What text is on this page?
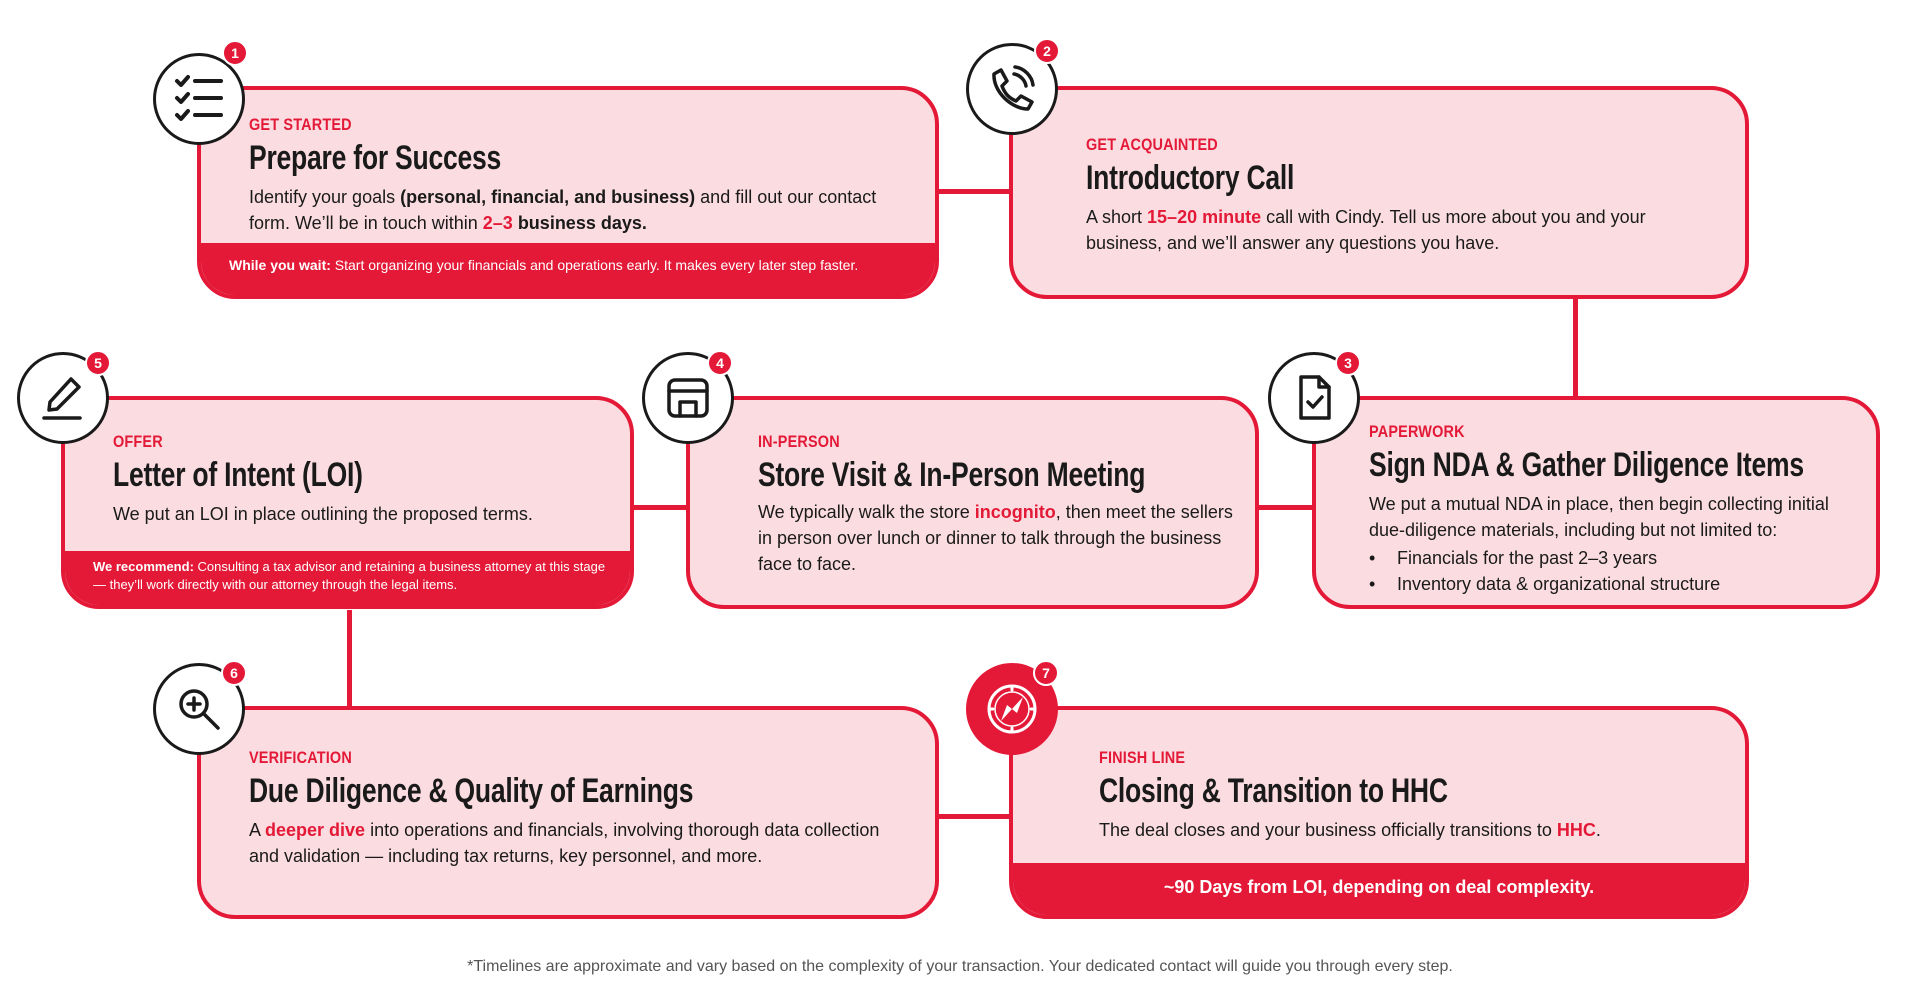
GET STARTED

Prepare for Success

Identify your goals (personal, financial, and business) and fill out our contact form. We’ll be in touch within 2–3 business days.

While you wait: Start organizing your financials and operations early. It makes every later step faster.
1

GET ACQUAINTED

Introductory Call

A short 15–20 minute call with Cindy. Tell us more about you and your business, and we’ll answer any questions you have.

2

PAPERWORK

Sign NDA & Gather Diligence Items

We put a mutual NDA in place, then begin collecting initial due-diligence materials, including but not limited to:

• Financials for the past 2–3 years
• Inventory data & organizational structure
3

IN-PERSON

Store Visit & In-Person Meeting

We typically walk the store incognito, then meet the sellers in person over lunch or dinner to talk through the business face to face.

4

OFFER

Letter of Intent (LOI)

We put an LOI in place outlining the proposed terms.

We recommend: Consulting a tax advisor and retaining a business attorney at this stage — they’ll work directly with our attorney through the legal items.
5

VERIFICATION

Due Diligence & Quality of Earnings

A deeper dive into operations and financials, involving thorough data collection and validation — including tax returns, key personnel, and more.

6

FINISH LINE

Closing & Transition to HHC

The deal closes and your business officially transitions to HHC.

~90 Days from LOI, depending on deal complexity.
7
*Timelines are approximate and vary based on the complexity of your transaction. Your dedicated contact will guide you through every step.
